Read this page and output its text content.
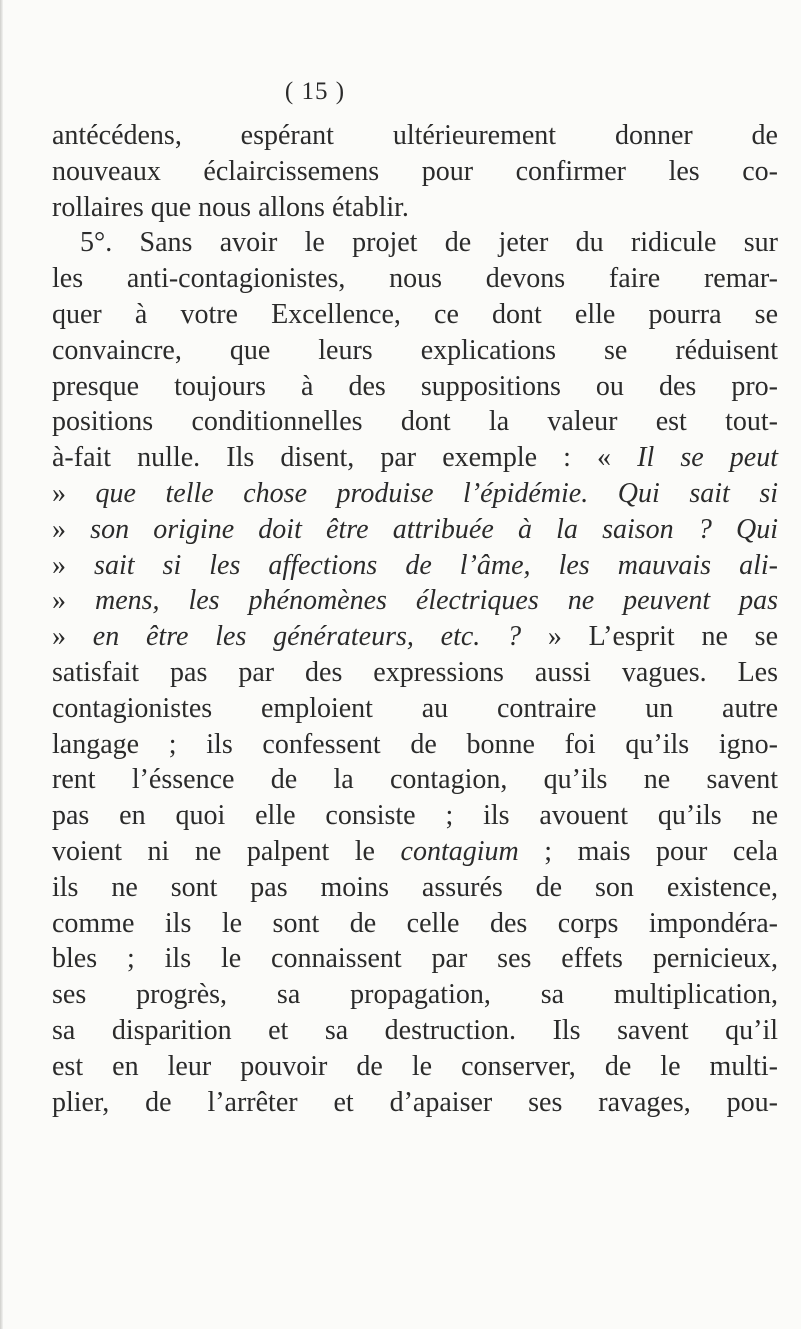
( 15 )
antécédens, espérant ultérieurement donner de
nouveaux éclaircissemens pour confirmer les co-
rollaires que nous allons établir.
5°. Sans avoir le projet de jeter du ridicule sur
les anti-contagionistes, nous devons faire remar-
quer à votre Excellence, ce dont elle pourra se
convaincre, que leurs explications se réduisent
presque toujours à des suppositions ou des pro-
positions conditionnelles dont la valeur est tout-
à-fait nulle. Ils disent, par exemple : « Il se peut
» que telle chose produise l’épidémie. Qui sait si
» son origine doit être attribuée à la saison ? Qui
» sait si les affections de l’âme, les mauvais ali-
» mens, les phénomènes électriques ne peuvent pas
» en être les générateurs, etc. ? » L’esprit ne se
satisfait pas par des expressions aussi vagues. Les
contagionistes emploient au contraire un autre
langage ; ils confessent de bonne foi qu’ils igno-
rent l’éssence de la contagion, qu’ils ne savent
pas en quoi elle consiste ; ils avouent qu’ils ne
voient ni ne palpent le contagium ; mais pour cela
ils ne sont pas moins assurés de son existence,
comme ils le sont de celle des corps impondéra-
bles ; ils le connaissent par ses effets pernicieux,
ses progrès, sa propagation, sa multiplication,
sa disparition et sa destruction. Ils savent qu’il
est en leur pouvoir de le conserver, de le multi-
plier, de l’arrêter et d’apaiser ses ravages, pou-
